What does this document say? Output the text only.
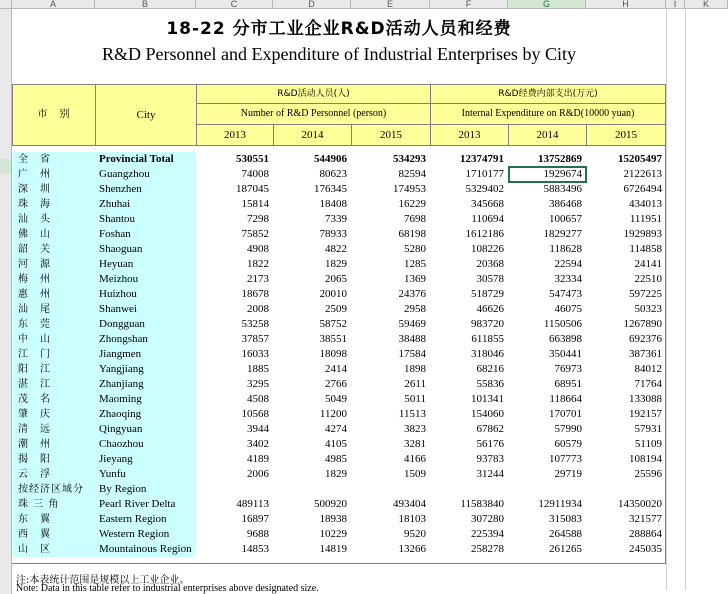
A	B	C	D	E	F	G	H	I	K
18-22 分市工业企业R&D活动人员和经费
R&D Personnel and Expenditure of Industrial Enterprises by City
市　别	City
R&D活动人员(人)
Number of R&D Personnel (person)
R&D经费内部支出(万元)
Internal Expenditure on R&D(10000 yuan)
2013	2014	2015	2013	2014	2015
全　省	Provincial Total	530551	544906	534293	12374791	13752869	15205497
广　州	Guangzhou	74008	80623	82594	1710177	1929674	2122613
深　圳	Shenzhen	187045	176345	174953	5329402	5883496	6726494
珠　海	Zhuhai	15814	18408	16229	345668	386468	434013
汕　头	Shantou	7298	7339	7698	110694	100657	111951
佛　山	Foshan	75852	78933	68198	1612186	1829277	1929893
韶　关	Shaoguan	4908	4822	5280	108226	118628	114858
河　源	Heyuan	1822	1829	1285	20368	22594	24141
梅　州	Meizhou	2173	2065	1369	30578	32334	22510
惠　州	Huizhou	18678	20010	24376	518729	547473	597225
汕　尾	Shanwei	2008	2509	2958	46626	46075	50323
东　莞	Dongguan	53258	58752	59469	983720	1150506	1267890
中　山	Zhongshan	37857	38551	38488	611855	663898	692376
江　门	Jiangmen	16033	18098	17584	318046	350441	387361
阳　江	Yangjiang	1885	2414	1898	68216	76973	84012
湛　江	Zhanjiang	3295	2766	2611	55836	68951	71764
茂　名	Maoming	4508	5049	5011	101341	118664	133088
肇　庆	Zhaoqing	10568	11200	11513	154060	170701	192157
清　远	Qingyuan	3944	4274	3823	67862	57990	57931
潮　州	Chaozhou	3402	4105	3281	56176	60579	51109
揭　阳	Jieyang	4189	4985	4166	93783	107773	108194
云　浮	Yunfu	2006	1829	1509	31244	29719	25596
按经济区域分	By Region
珠 三 角	Pearl River Delta	489113	500920	493404	11583840	12911934	14350020
东　翼	Eastern Region	16897	18938	18103	307280	315083	321577
西　翼	Western Region	9688	10229	9520	225394	264588	288864
山　区	Mountainous Region	14853	14819	13266	258278	261265	245035
注:本表统计范围是规模以上工业企业。
Note: Data in this table refer to industrial enterprises above designated size.
